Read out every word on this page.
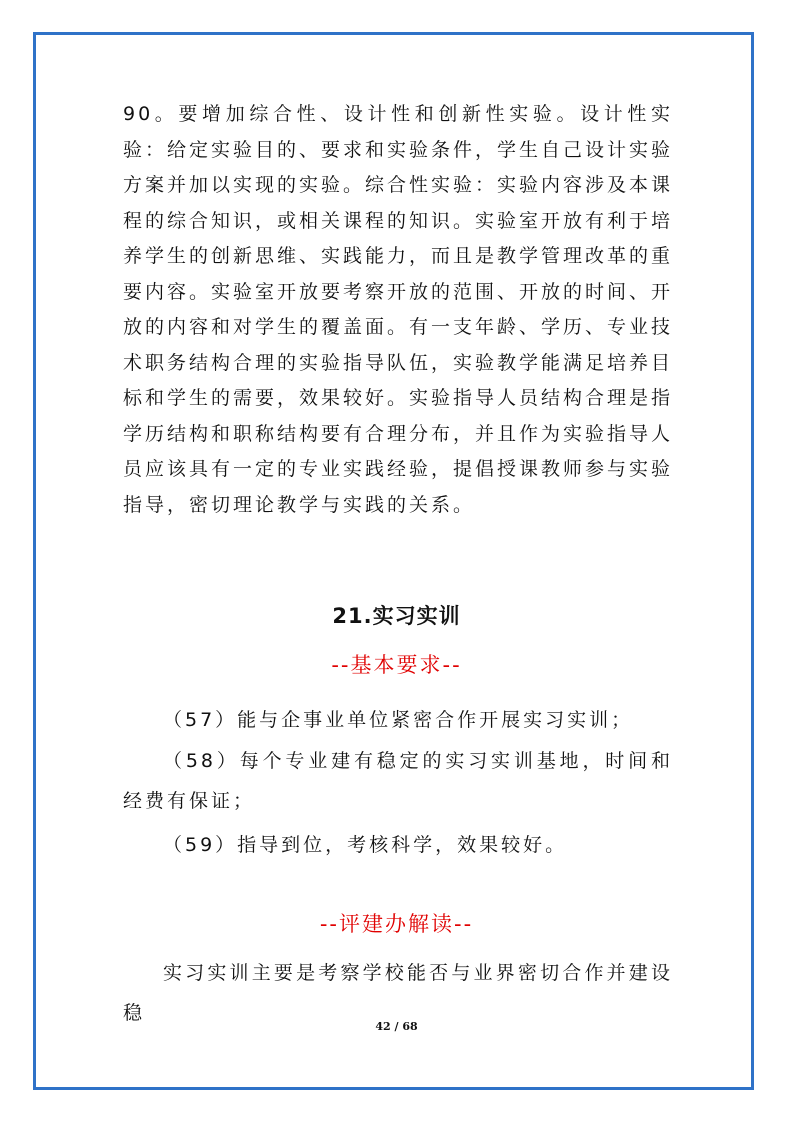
90。要增加综合性、设计性和创新性实验。设计性实验：给定实验目的、要求和实验条件，学生自己设计实验方案并加以实现的实验。综合性实验：实验内容涉及本课程的综合知识，或相关课程的知识。实验室开放有利于培养学生的创新思维、实践能力，而且是教学管理改革的重要内容。实验室开放要考察开放的范围、开放的时间、开放的内容和对学生的覆盖面。有一支年龄、学历、专业技术职务结构合理的实验指导队伍，实验教学能满足培养目标和学生的需要，效果较好。实验指导人员结构合理是指学历结构和职称结构要有合理分布，并且作为实验指导人员应该具有一定的专业实践经验，提倡授课教师参与实验指导，密切理论教学与实践的关系。

21.实习实训

--基本要求--

（57）能与企事业单位紧密合作开展实习实训；

（58）每个专业建有稳定的实习实训基地，时间和经费有保证；

（59）指导到位，考核科学，效果较好。

--评建办解读--

实习实训主要是考察学校能否与业界密切合作并建设稳

42 / 68
